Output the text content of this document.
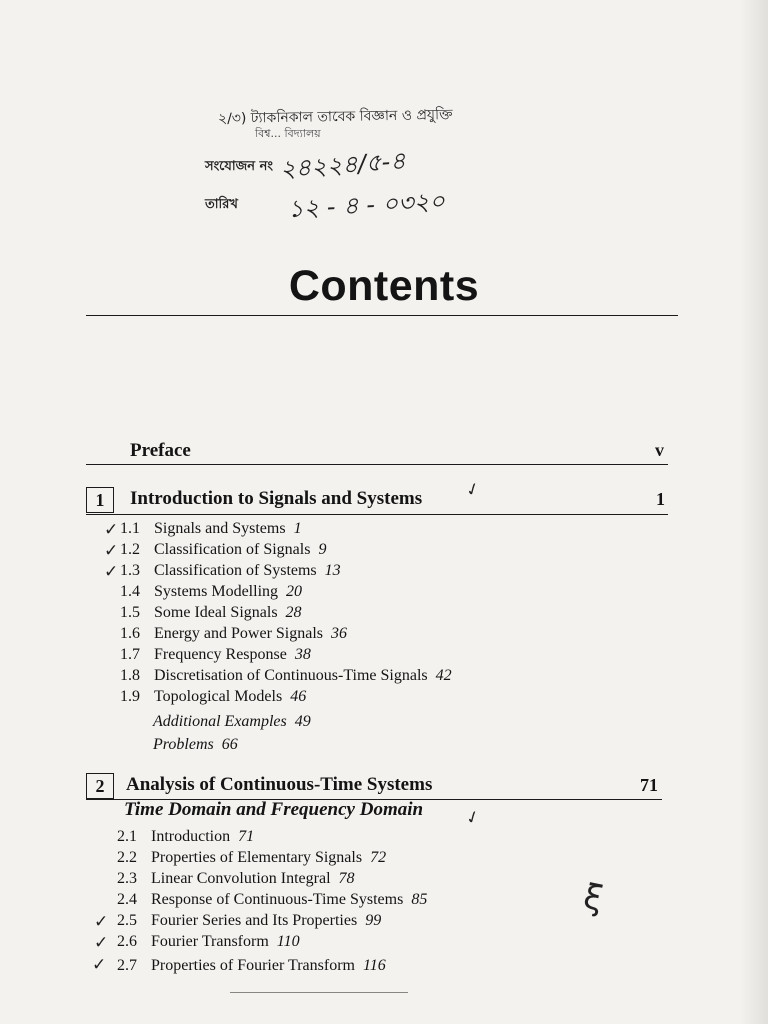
২/৩) ট্যাকনিকাল তাবেক বিজ্ঞান ও প্রযুক্তি
বিশ্ব... বিদ্যালয়
সংযোজন নং ২৪২২৪/৫-৪
তারিখ ১২ - ৪ - ০৩২০
Contents
Preface	v
1	Introduction to Signals and Systems ✓	1
1.1 Signals and Systems 1
1.2 Classification of Signals 9
1.3 Classification of Systems 13
1.4 Systems Modelling 20
1.5 Some Ideal Signals 28
1.6 Energy and Power Signals 36
1.7 Frequency Response 38
1.8 Discretisation of Continuous-Time Signals 42
1.9 Topological Models 46
Additional Examples 49
Problems 66
✓
✓
✓
2	Analysis of Continuous-Time Systems	71
Time Domain and Frequency Domain ✓
2.1 Introduction 71
2.2 Properties of Elementary Signals 72
2.3 Linear Convolution Integral 78
2.4 Response of Continuous-Time Systems 85
2.5 Fourier Series and Its Properties 99
2.6 Fourier Transform 110
2.7 Properties of Fourier Transform 116
✓
✓
✓
ξ
